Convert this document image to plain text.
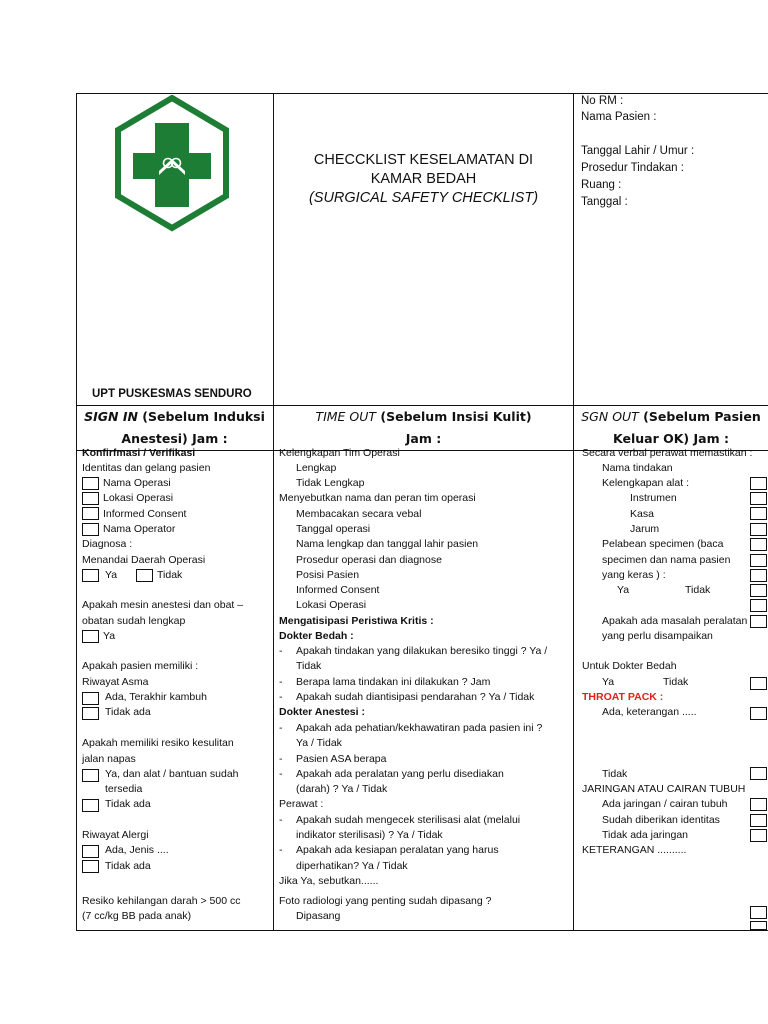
UPT PUSKESMAS SENDURO
CHECCKLIST KESELAMATAN DI
KAMAR BEDAH
(SURGICAL SAFETY CHECKLIST)
No RM :
Nama Pasien :
Tanggal Lahir / Umur :
Prosedur Tindakan :
Ruang :
Tanggal :
SIGN IN (Sebelum Induksi
Anestesi) Jam :
TIME OUT (Sebelum Insisi Kulit)
Jam :
SGN OUT (Sebelum Pasien
Keluar OK) Jam :
Konfirfmasi / Verifikasi
Identitas dan gelang pasien
Nama Operasi
Lokasi Operasi
Informed Consent
Nama Operator
Diagnosa :
Menandai Daerah Operasi
Ya	Tidak
Apakah mesin anestesi dan obat –
obatan sudah lengkap
Ya
Apakah pasien memiliki :
Riwayat Asma
Ada, Terakhir kambuh
Tidak ada
Apakah memiliki resiko kesulitan
jalan napas
Ya, dan alat / bantuan sudah
tersedia
Tidak ada
Riwayat Alergi
Ada, Jenis ....
Tidak ada
Resiko kehilangan darah > 500 cc
(7 cc/kg BB pada anak)
Kelengkapan Tim Operasi
Lengkap
Tidak Lengkap
Menyebutkan nama dan peran tim operasi
Membacakan secara vebal
Tanggal operasi
Nama lengkap dan tanggal lahir pasien
Prosedur operasi dan diagnose
Posisi Pasien
Informed Consent
Lokasi Operasi
Mengatisipasi Peristiwa Kritis :
Dokter Bedah :
- Apakah tindakan yang dilakukan beresiko tinggi ? Ya /
Tidak
- Berapa lama tindakan ini dilakukan ? Jam
- Apakah sudah diantisipasi pendarahan ? Ya / Tidak
Dokter Anestesi :
- Apakah ada pehatian/kekhawatiran pada pasien ini ?
Ya / Tidak
- Pasien ASA berapa
- Apakah ada peralatan yang perlu disediakan
(darah) ? Ya / Tidak
Perawat :
- Apakah sudah mengecek sterilisasi alat (melalui
indikator sterilisasi) ? Ya / Tidak
- Apakah ada kesiapan peralatan yang harus
diperhatikan? Ya / Tidak
Jika Ya, sebutkan......
Foto radiologi yang penting sudah dipasang ?
Dipasang
Secara verbal perawat memastikan :
Nama tindakan
Kelengkapan alat :
Instrumen
Kasa
Jarum
Pelabean specimen (baca
specimen dan nama pasien
yang keras ) :
Ya	Tidak
Apakah ada masalah peralatan
yang perlu disampaikan
Untuk Dokter Bedah
Ya	Tidak
THROAT PACK :
Ada, keterangan .....
Tidak
JARINGAN ATAU CAIRAN TUBUH
Ada jaringan / cairan tubuh
Sudah diberikan identitas
Tidak ada jaringan
KETERANGAN ..........
